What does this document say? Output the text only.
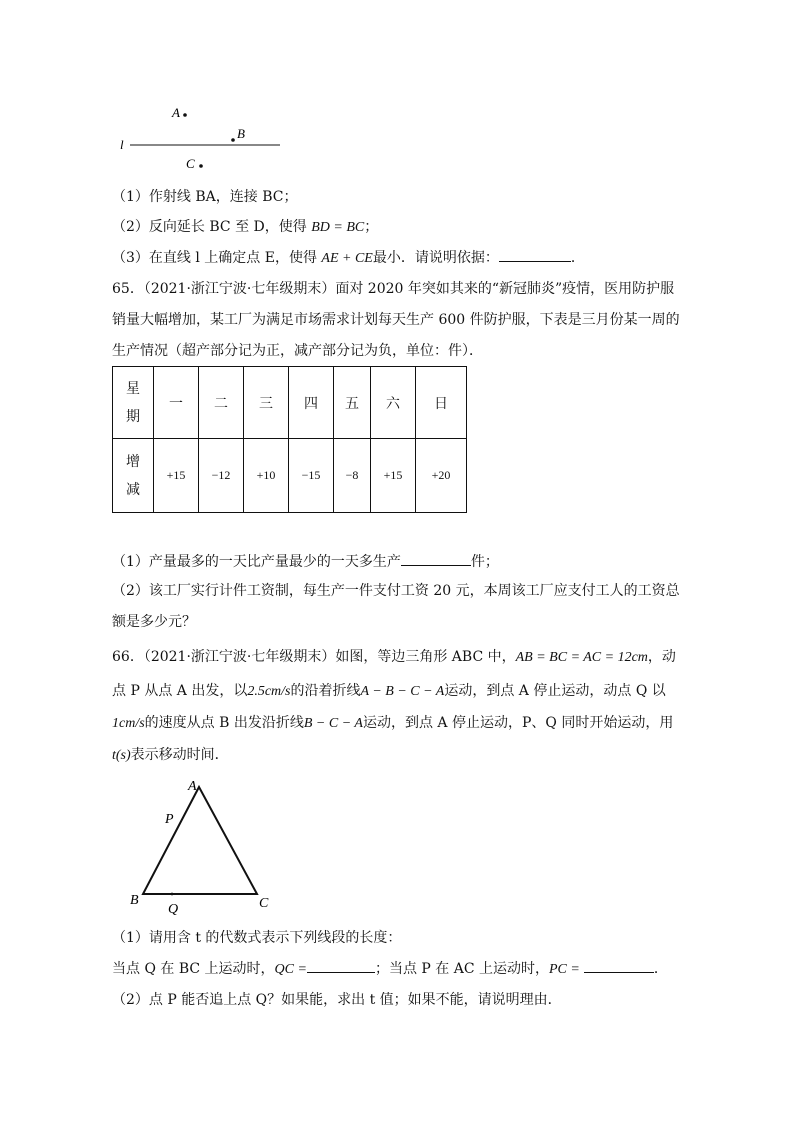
l
A
B
C
（1）作射线 BA，连接 BC；
（2）反向延长 BC 至 D，使得 BD = BC；
（3）在直线 l 上确定点 E，使得 AE + CE最小．请说明依据：	．
65．（2021·浙江宁波·七年级期末）面对 2020 年突如其来的“新冠肺炎”疫情，医用防护服销量大幅增加，某工厂为满足市场需求计划每天生产 600 件防护服，下表是三月份某一周的生产情况（超产部分记为正，减产部分记为负，单位：件）．
星
期	一	二	三	四	五	六	日

增
减	+15	−12	+10	−15	−8	+15	+20
（1）产量最多的一天比产量最少的一天多生产	件；
（2）该工厂实行计件工资制，每生产一件支付工资 20 元，本周该工厂应支付工人的工资总额是多少元？
66．（2021·浙江宁波·七年级期末）如图，等边三角形 ABC 中，AB = BC = AC = 12cm，动
点 P 从点 A 出发，以2.5cm/s的沿着折线A − B − C − A运动，到点 A 停止运动，动点 Q 以
1cm/s的速度从点 B 出发沿折线B − C − A运动，到点 A 停止运动，P、Q 同时开始运动，用
t(s)表示移动时间．
A
P
B
Q	C
（1）请用含 t 的代数式表示下列线段的长度：
当点 Q 在 BC 上运动时，QC =	；当点 P 在 AC 上运动时，PC =	．
（2）点 P 能否追上点 Q？如果能，求出 t 值；如果不能，请说明理由．
